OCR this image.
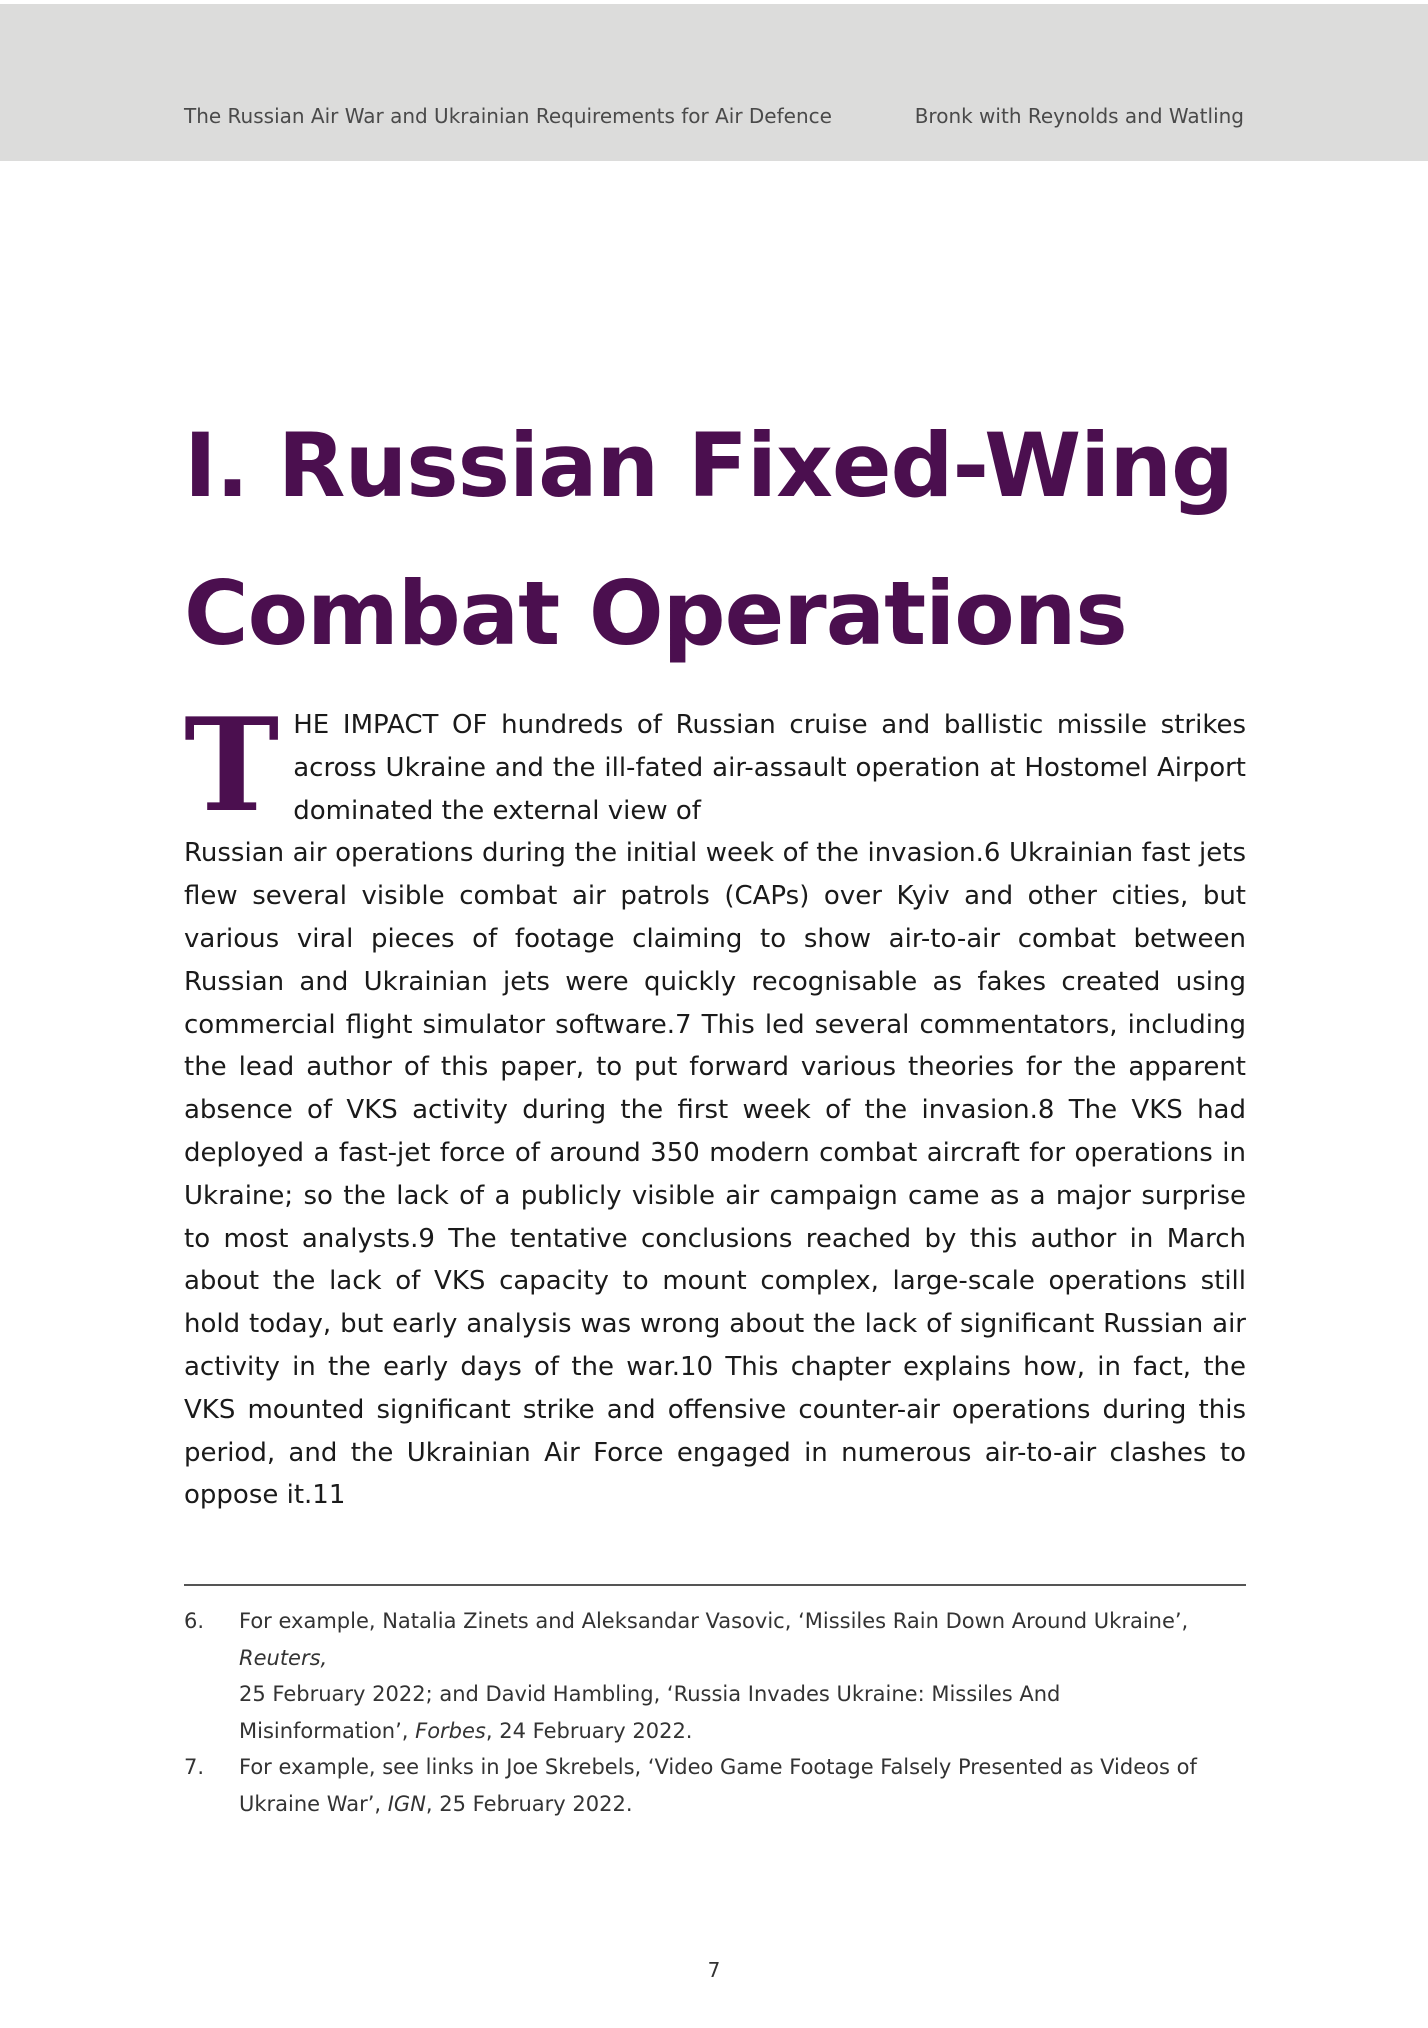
The Russian Air War and Ukrainian Requirements for Air Defence	Bronk with Reynolds and Watling
I. Russian Fixed-Wing
Combat Operations
T HE IMPACT OF hundreds of Russian cruise and ballistic missile strikes across Ukraine and the ill-fated air-assault operation at Hostomel Airport dominated the external view of
Russian air operations during the initial week of the invasion.6 Ukrainian fast jets flew several visible combat air patrols (CAPs) over Kyiv and other cities, but various viral pieces of footage claiming to show air-to-air combat between Russian and Ukrainian jets were quickly recognisable as fakes created using commercial flight simulator software.7 This led several commentators, including the lead author of this paper, to put forward various theories for the apparent absence of VKS activity during the first week of the invasion.8 The VKS had deployed a fast-jet force of around 350 modern combat aircraft for operations in Ukraine; so the lack of a publicly visible air campaign came as a major surprise to most analysts.9 The tentative conclusions reached by this author in March about the lack of VKS capacity to mount complex, large-scale operations still hold today, but early analysis was wrong about the lack of significant Russian air activity in the early days of the war.10 This chapter explains how, in fact, the VKS mounted significant strike and offensive counter-air operations during this period, and the Ukrainian Air Force engaged in numerous air-to-air clashes to oppose it.11
6. For example, Natalia Zinets and Aleksandar Vasovic, ‘Missiles Rain Down Around Ukraine’,
Reuters,
25 February 2022; and David Hambling, ‘Russia Invades Ukraine: Missiles And
Misinformation’, Forbes, 24 February 2022.
7. For example, see links in Joe Skrebels, ‘Video Game Footage Falsely Presented as Videos of
Ukraine War’, IGN, 25 February 2022.
7
